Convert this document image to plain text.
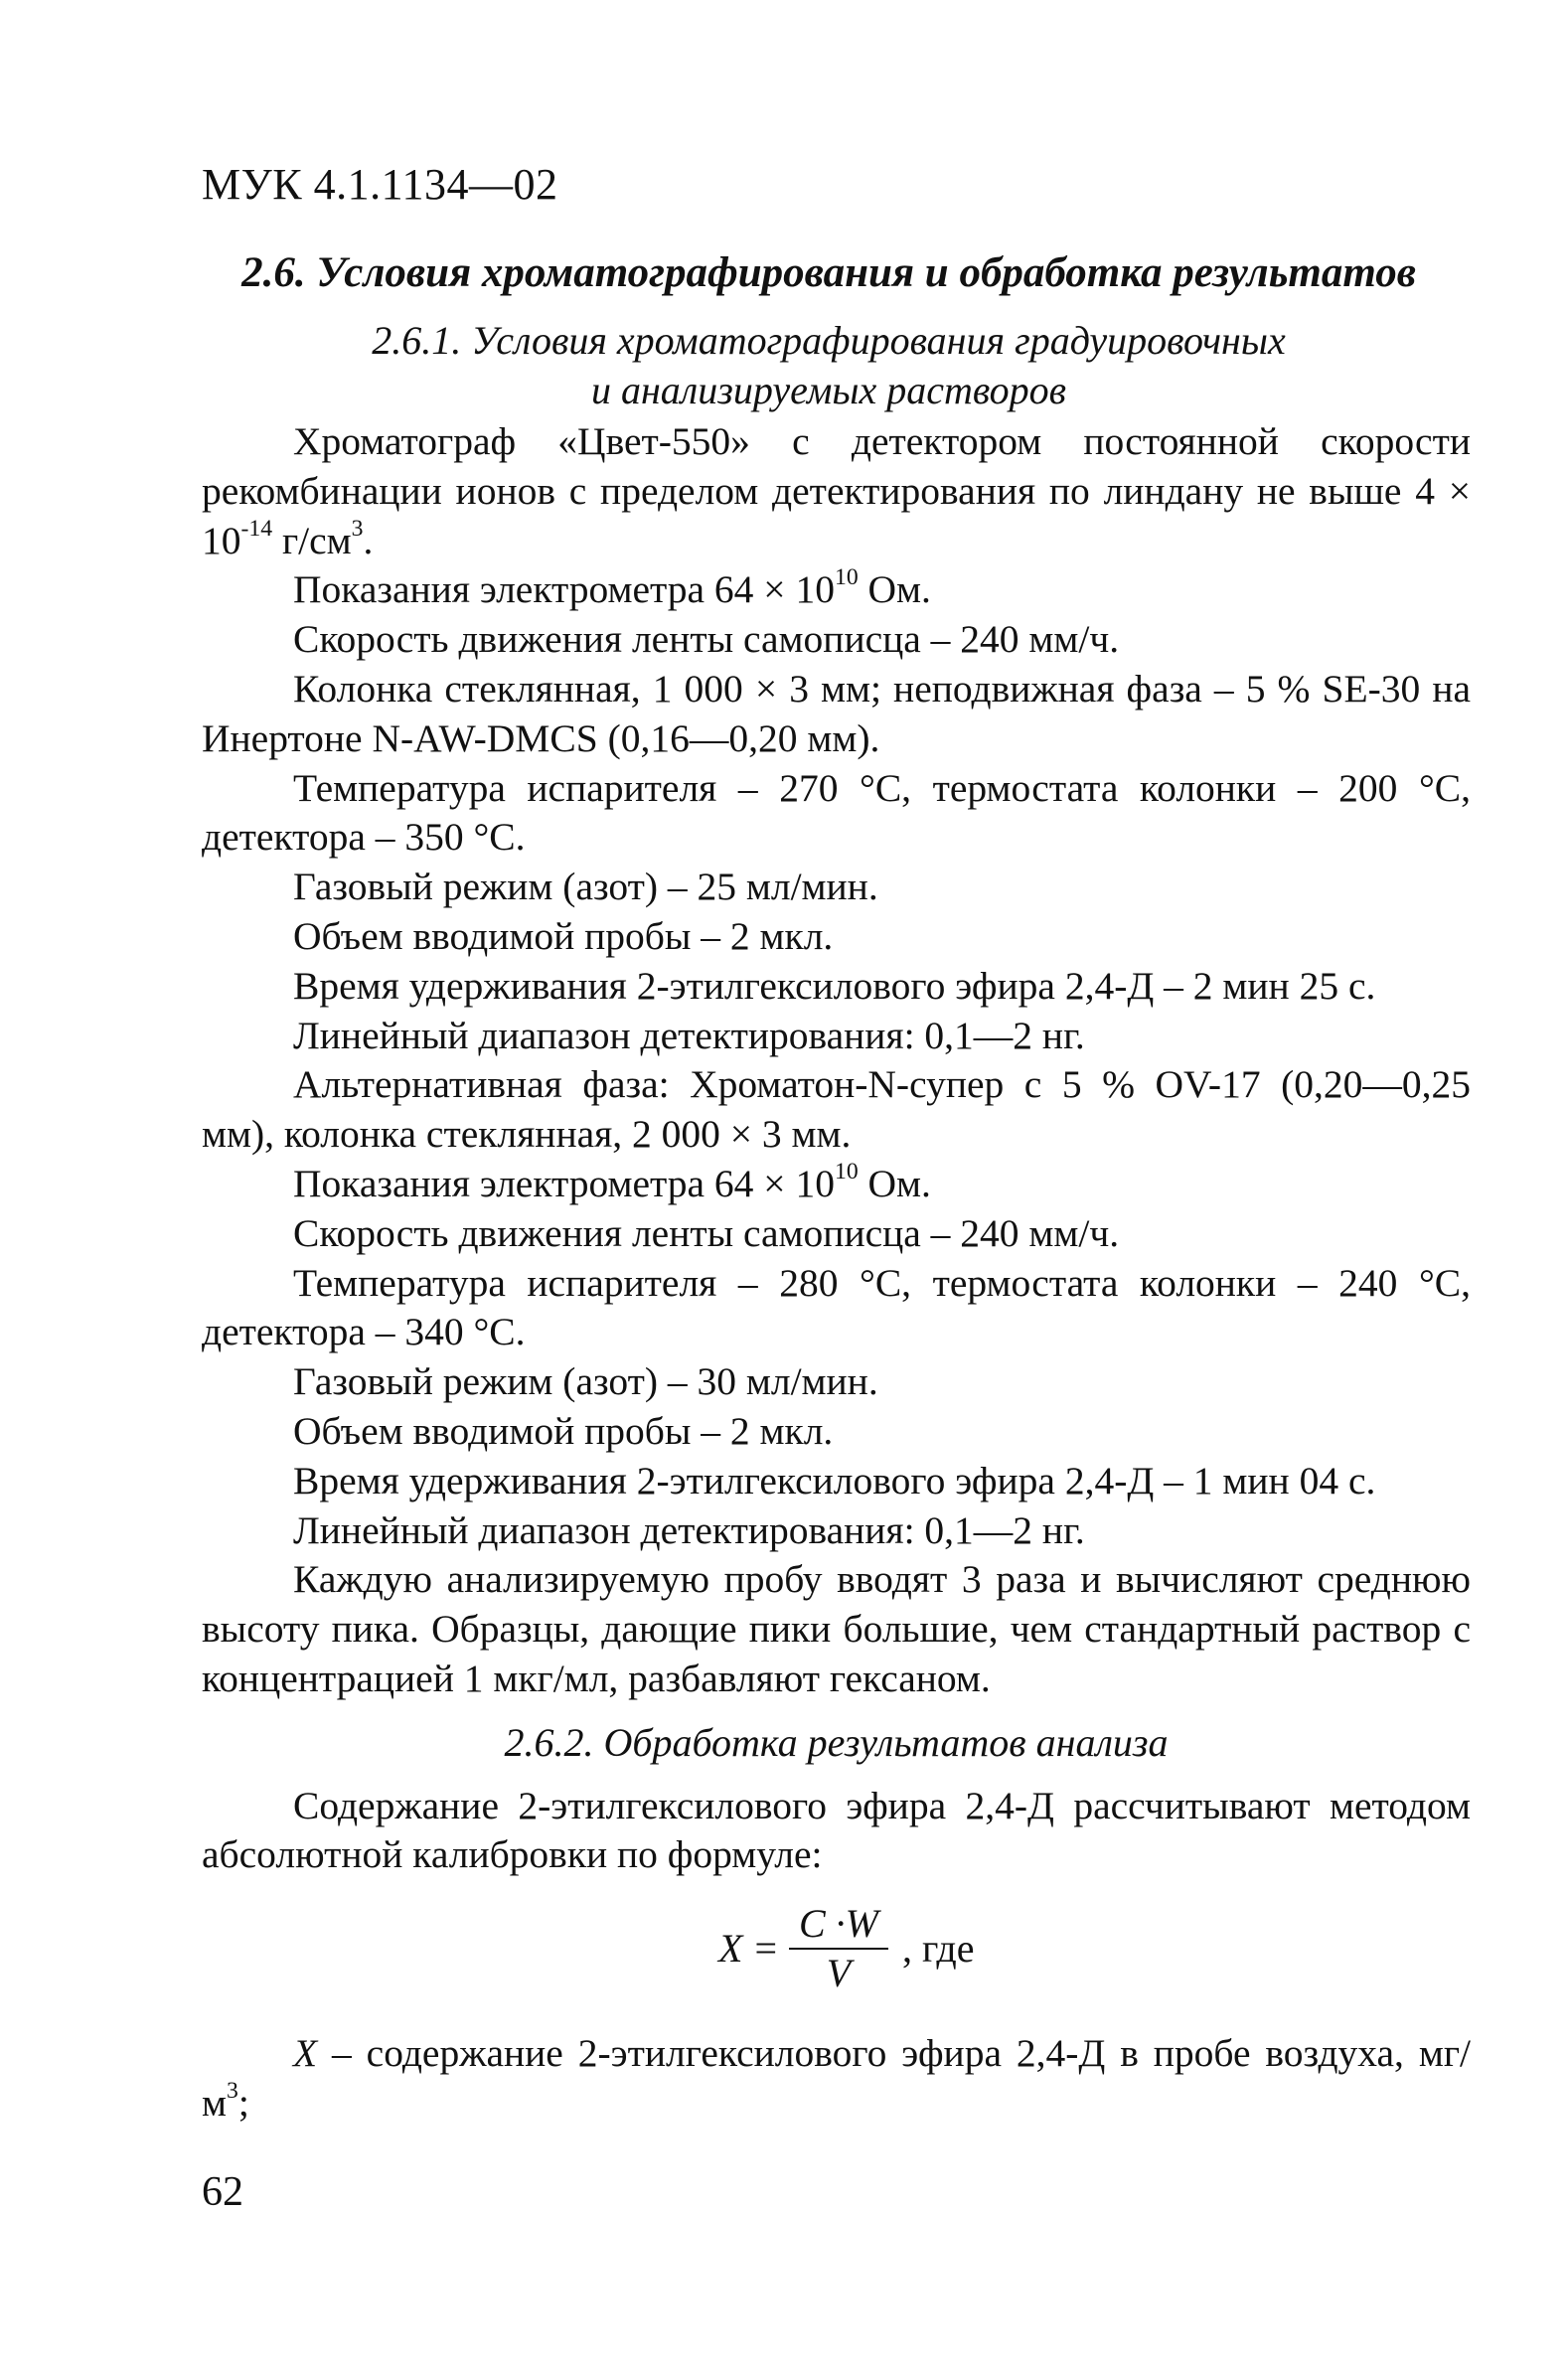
МУК 4.1.1134—02
2.6. Условия хроматографирования и обработка результатов
2.6.1. Условия хроматографирования градуировочных
и анализируемых растворов

Хроматограф «Цвет-550» с детектором постоянной скорости рекомбинации ионов с пределом детектирования по линдану не выше $4 \times 10^{-14}$ $г/см^3$.

Показания электрометра $64 \times 10^{10}$ Ом.

Скорость движения ленты самописца – 240 мм/ч.

Колонка стеклянная, 1 000 × 3 мм; неподвижная фаза – 5 % SE-30 на Инертоне N-AW-DMCS (0,16—0,20 мм).

Температура испарителя – 270 °С, термостата колонки – 200 °С, детектора – 350 °С.

Газовый режим (азот) – 25 мл/мин.

Объем вводимой пробы – 2 мкл.

Время удерживания 2-этилгексилового эфира 2,4-Д – 2 мин 25 с.

Линейный диапазон детектирования: 0,1—2 нг.

Альтернативная фаза: Хроматон-N-супер с 5 % OV-17 (0,20—0,25 мм), колонка стеклянная, 2 000 × 3 мм.

Показания электрометра $64 \times 10^{10}$ Ом.

Скорость движения ленты самописца – 240 мм/ч.

Температура испарителя – 280 °С, термостата колонки – 240 °С, детектора – 340 °С.

Газовый режим (азот) – 30 мл/мин.

Объем вводимой пробы – 2 мкл.

Время удерживания 2-этилгексилового эфира 2,4-Д – 1 мин 04 с.

Линейный диапазон детектирования: 0,1—2 нг.

Каждую анализируемую пробу вводят 3 раза и вычисляют среднюю высоту пика. Образцы, дающие пики большие, чем стандартный раствор с концентрацией 1 мкг/мл, разбавляют гексаном.

2.6.2. Обработка результатов анализа

Содержание 2-этилгексилового эфира 2,4-Д рассчитывают методом абсолютной калибровки по формуле:

$X = \frac{C \cdot W}{V}$ , где

X – содержание 2-этилгексилового эфира 2,4-Д в пробе воздуха, $мг/м^3$;

62
